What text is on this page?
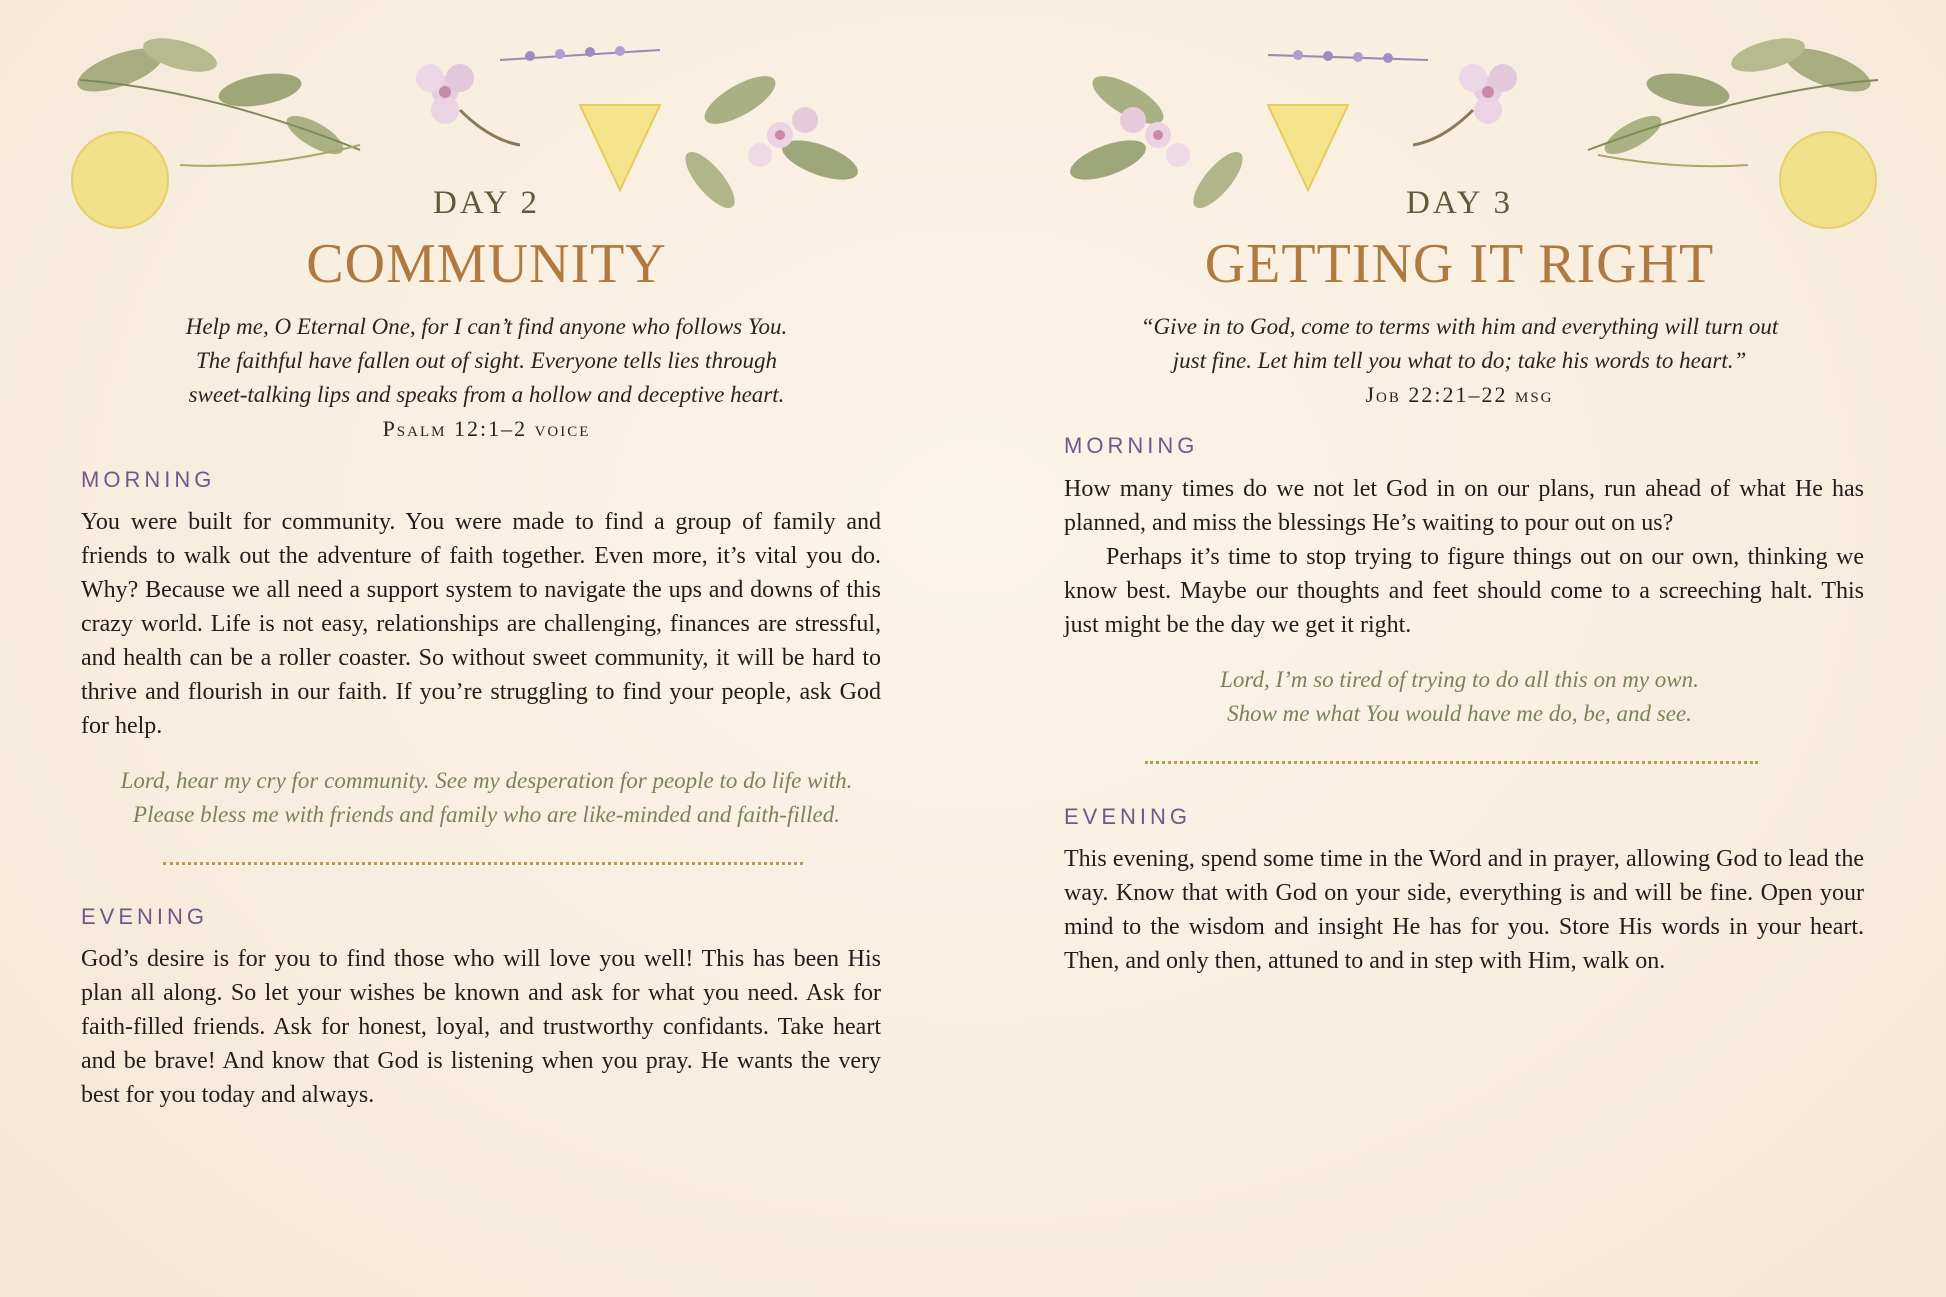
DAY 2
COMMUNITY
Help me, O Eternal One, for I can’t find anyone who follows You.
The faithful have fallen out of sight. Everyone tells lies through
sweet-talking lips and speaks from a hollow and deceptive heart.
Psalm 12:1–2 voice
MORNING

You were built for community. You were made to find a group of family and friends to walk out the adventure of faith together. Even more, it’s vital you do. Why? Because we all need a support system to navigate the ups and downs of this crazy world. Life is not easy, relationships are challenging, finances are stressful, and health can be a roller coaster. So without sweet community, it will be hard to thrive and flourish in our faith. If you’re struggling to find your people, ask God for help.

Lord, hear my cry for community. See my desperation for people to do life with.
Please bless me with friends and family who are like-minded and faith-filled.
EVENING

God’s desire is for you to find those who will love you well! This has been His plan all along. So let your wishes be known and ask for what you need. Ask for faith-filled friends. Ask for honest, loyal, and trustworthy confidants. Take heart and be brave! And know that God is listening when you pray. He wants the very best for you today and always.

DAY 3
GETTING IT RIGHT
“Give in to God, come to terms with him and everything will turn out
just fine. Let him tell you what to do; take his words to heart.”
Job 22:21–22 msg
MORNING

How many times do we not let God in on our plans, run ahead of what He has planned, and miss the blessings He’s waiting to pour out on us?

Perhaps it’s time to stop trying to figure things out on our own, thinking we know best. Maybe our thoughts and feet should come to a screeching halt. This just might be the day we get it right.

Lord, I’m so tired of trying to do all this on my own.
Show me what You would have me do, be, and see.
EVENING

This evening, spend some time in the Word and in prayer, allowing God to lead the way. Know that with God on your side, everything is and will be fine. Open your mind to the wisdom and insight He has for you. Store His words in your heart. Then, and only then, attuned to and in step with Him, walk on.
